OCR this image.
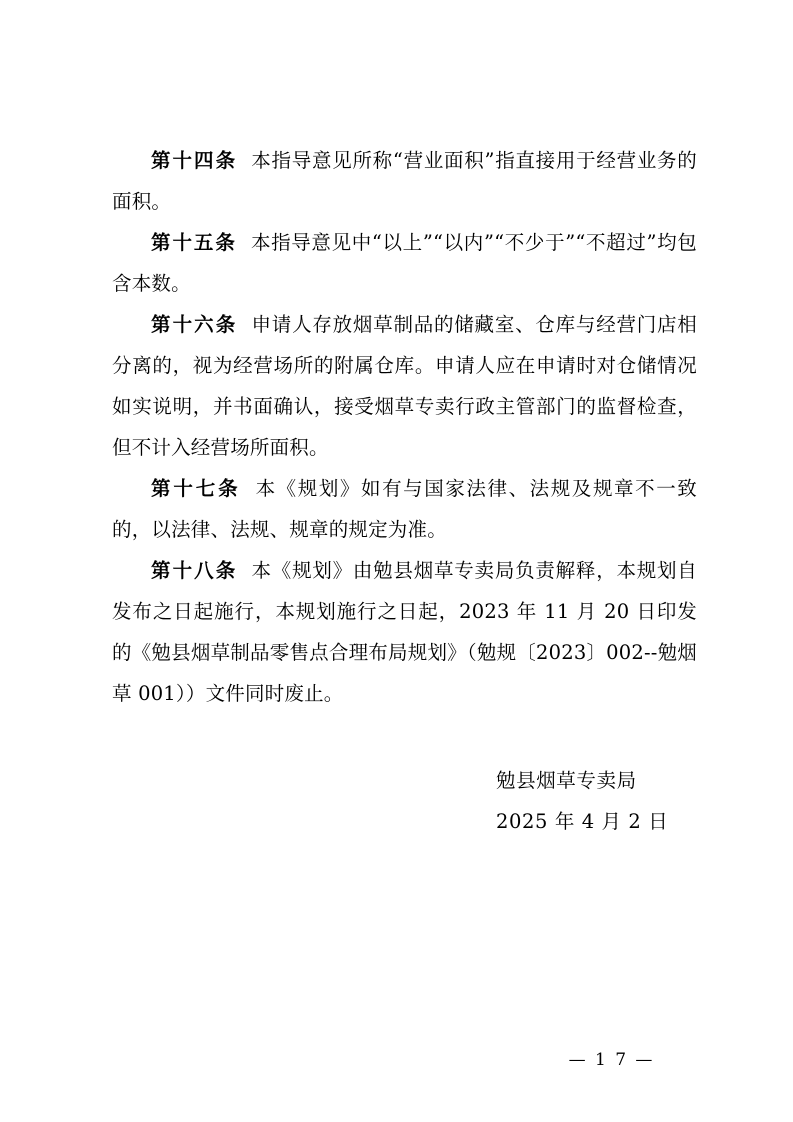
第十四条 本指导意见所称“营业面积”指直接用于经营业务的面积。

第十五条 本指导意见中“以上”“以内”“不少于”“不超过”均包含本数。

第十六条 申请人存放烟草制品的储藏室、仓库与经营门店相分离的，视为经营场所的附属仓库。申请人应在申请时对仓储情况如实说明，并书面确认，接受烟草专卖行政主管部门的监督检查，但不计入经营场所面积。

第十七条 本《规划》如有与国家法律、法规及规章不一致的，以法律、法规、规章的规定为准。

第十八条 本《规划》由勉县烟草专卖局负责解释，本规划自发布之日起施行，本规划施行之日起，2023 年 11 月 20 日印发的《勉县烟草制品零售点合理布局规划》（勉规〔2023〕002--勉烟草 001））文件同时废止。

勉县烟草专卖局
2025 年 4 月 2 日
— 1 7 —
